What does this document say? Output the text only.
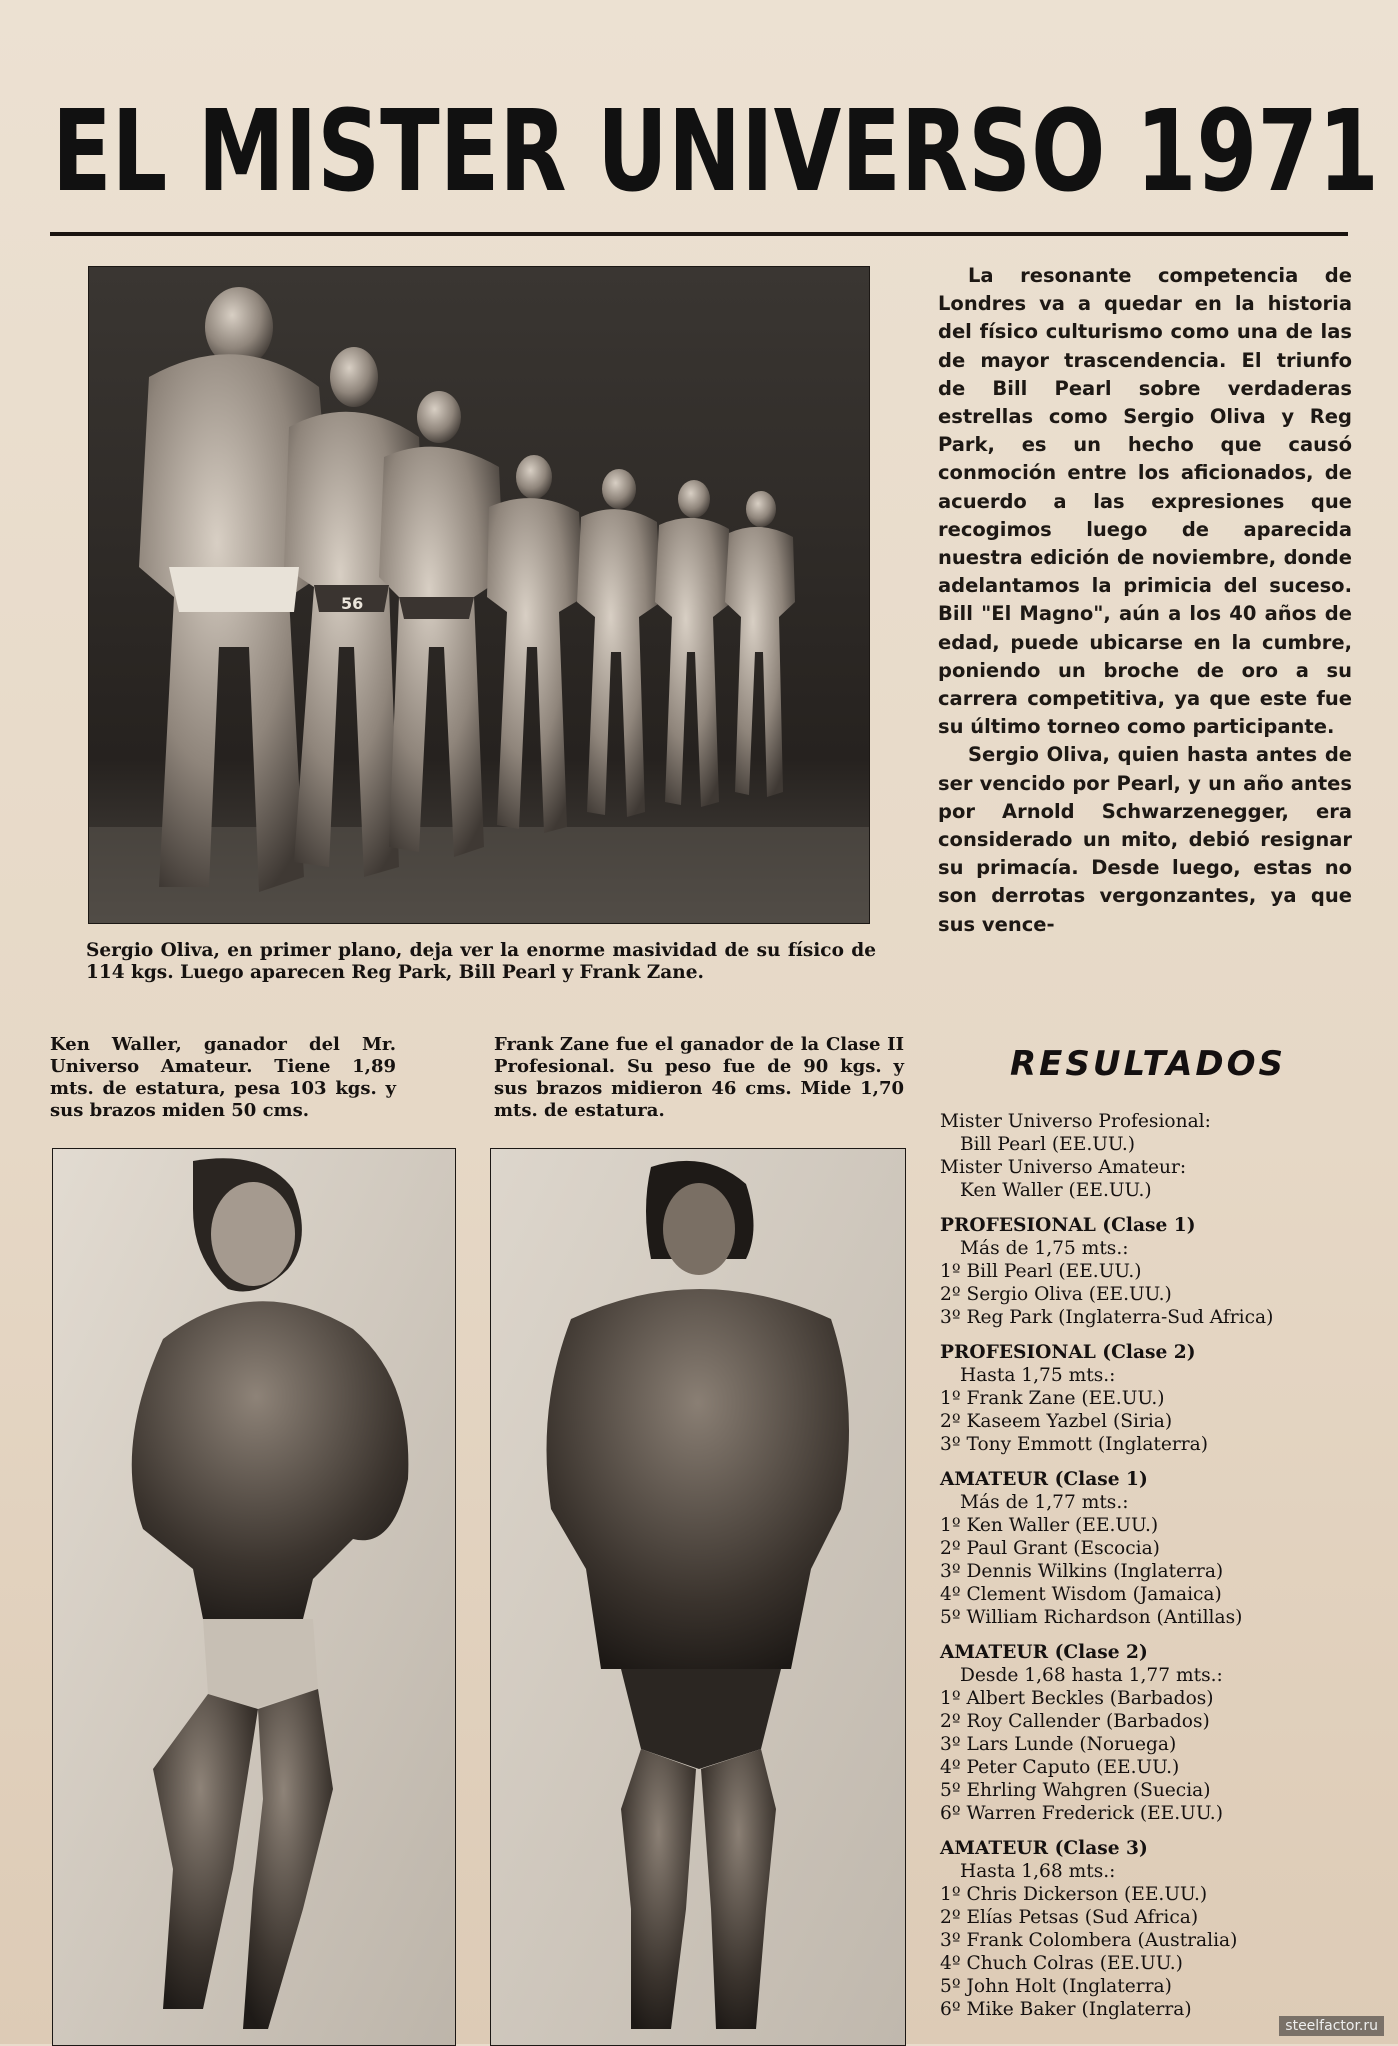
EL MISTER UNIVERSO 1971
56
Sergio Oliva, en primer plano, deja ver la enorme masividad de su físico de 114 kgs. Luego aparecen Reg Park, Bill Pearl y Frank Zane.

La resonante competencia de Londres va a quedar en la historia del físico culturismo como una de las de mayor trascendencia. El triunfo de Bill Pearl sobre verdaderas estrellas como Sergio Oliva y Reg Park, es un hecho que causó conmoción entre los aficionados, de acuerdo a las expresiones que recogimos luego de aparecida nuestra edición de noviembre, donde adelantamos la primicia del suceso. Bill "El Magno", aún a los 40 años de edad, puede ubicarse en la cumbre, poniendo un broche de oro a su carrera competitiva, ya que este fue su último torneo como participante.

Sergio Oliva, quien hasta antes de ser vencido por Pearl, y un año antes por Arnold Schwarzenegger, era considerado un mito, debió resignar su primacía. Desde luego, estas no son derrotas vergonzantes, ya que sus vence-

Ken Waller, ganador del Mr. Universo Amateur. Tiene 1,89 mts. de estatura, pesa 103 kgs. y sus brazos miden 50 cms.
Frank Zane fue el ganador de la Clase II Profesional. Su peso fue de 90 kgs. y sus brazos midieron 46 cms. Mide 1,70 mts. de estatura.
RESULTADOS
Mister Universo Profesional:
Bill Pearl (EE.UU.)
Mister Universo Amateur:
Ken Waller (EE.UU.)
PROFESIONAL (Clase 1)
Más de 1,75 mts.:
1º Bill Pearl (EE.UU.)
2º Sergio Oliva (EE.UU.)
3º Reg Park (Inglaterra-Sud Africa)
PROFESIONAL (Clase 2)
Hasta 1,75 mts.:
1º Frank Zane (EE.UU.)
2º Kaseem Yazbel (Siria)
3º Tony Emmott (Inglaterra)
AMATEUR (Clase 1)
Más de 1,77 mts.:
1º Ken Waller (EE.UU.)
2º Paul Grant (Escocia)
3º Dennis Wilkins (Inglaterra)
4º Clement Wisdom (Jamaica)
5º William Richardson (Antillas)
AMATEUR (Clase 2)
Desde 1,68 hasta 1,77 mts.:
1º Albert Beckles (Barbados)
2º Roy Callender (Barbados)
3º Lars Lunde (Noruega)
4º Peter Caputo (EE.UU.)
5º Ehrling Wahgren (Suecia)
6º Warren Frederick (EE.UU.)
AMATEUR (Clase 3)
Hasta 1,68 mts.:
1º Chris Dickerson (EE.UU.)
2º Elías Petsas (Sud Africa)
3º Frank Colombera (Australia)
4º Chuch Colras (EE.UU.)
5º John Holt (Inglaterra)
6º Mike Baker (Inglaterra)
steelfactor.ru
